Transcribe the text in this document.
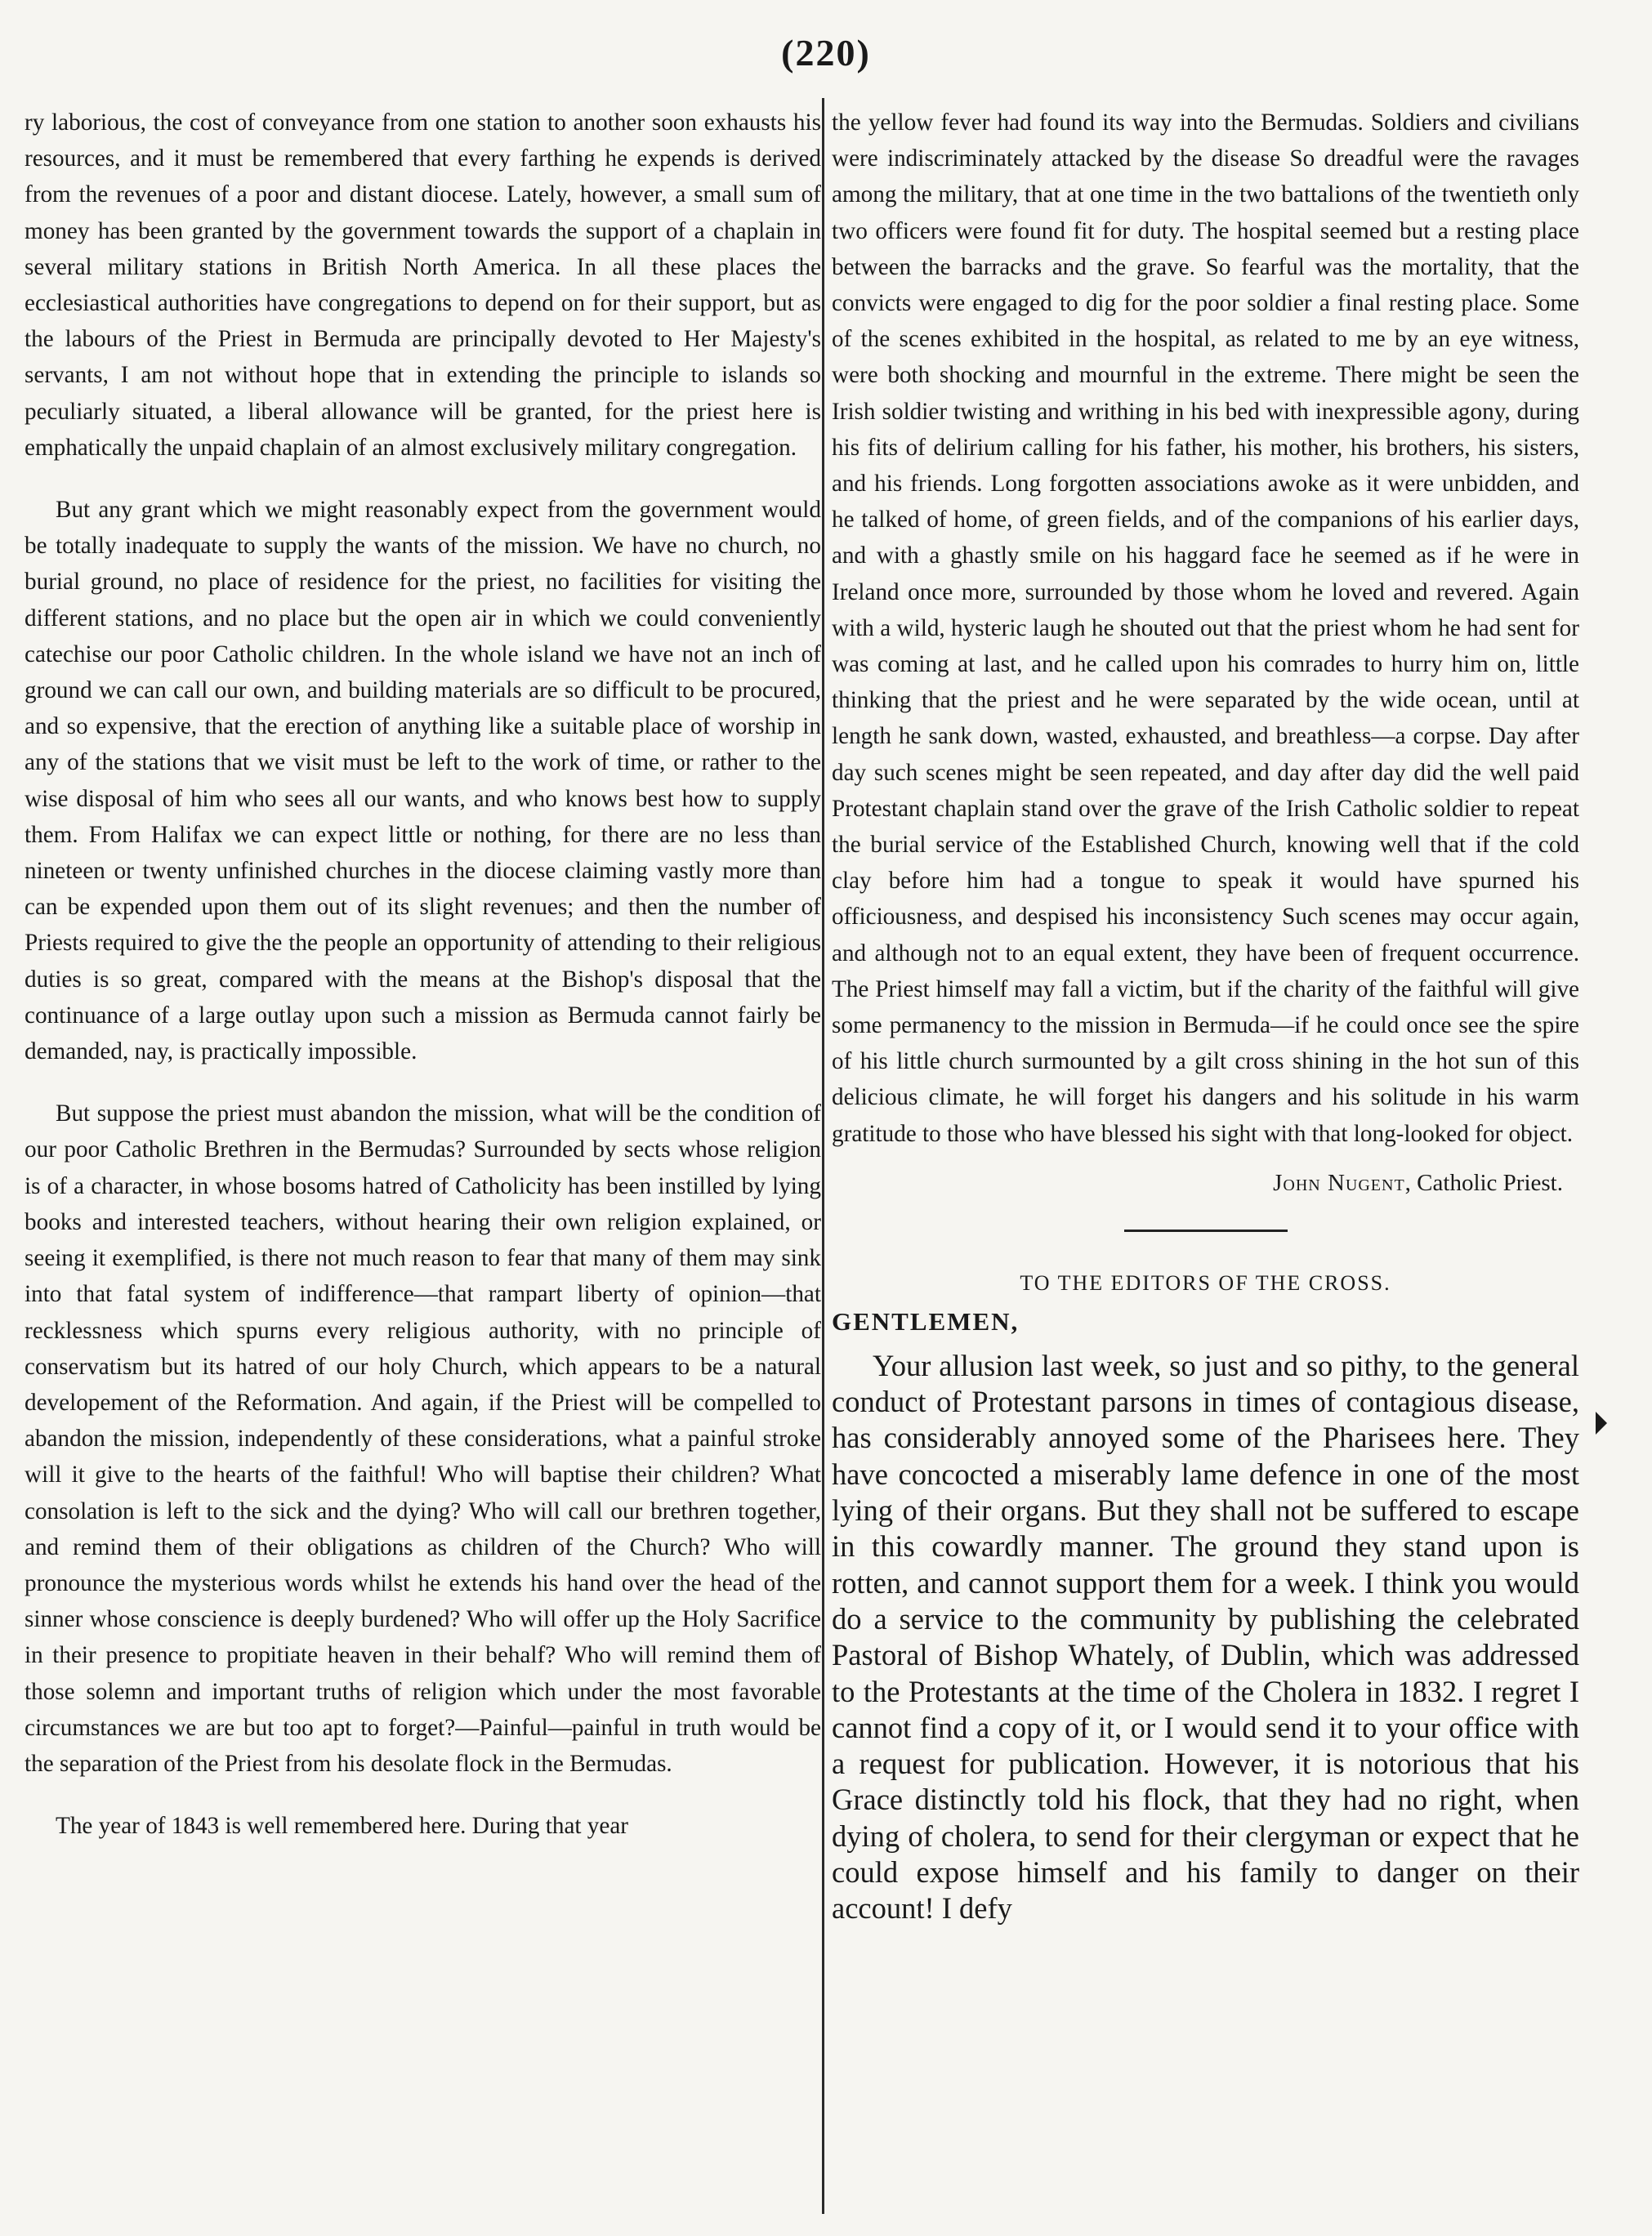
(220)

ry laborious, the cost of conveyance from one station to another soon exhausts his resources, and it must be remembered that every farthing he expends is derived from the revenues of a poor and distant diocese. Lately, however, a small sum of money has been granted by the government towards the support of a chaplain in several military stations in British North America. In all these places the ecclesiastical authorities have congregations to depend on for their support, but as the labours of the Priest in Bermuda are principally devoted to Her Majesty's servants, I am not without hope that in extending the principle to islands so peculiarly situated, a liberal allowance will be granted, for the priest here is emphatically the unpaid chaplain of an almost exclusively military congregation.

But any grant which we might reasonably expect from the government would be totally inadequate to supply the wants of the mission. We have no church, no burial ground, no place of residence for the priest, no facilities for visiting the different stations, and no place but the open air in which we could conveniently catechise our poor Catholic children. In the whole island we have not an inch of ground we can call our own, and building materials are so difficult to be procured, and so expensive, that the erection of anything like a suitable place of worship in any of the stations that we visit must be left to the work of time, or rather to the wise disposal of him who sees all our wants, and who knows best how to supply them. From Halifax we can expect little or nothing, for there are no less than nineteen or twenty unfinished churches in the diocese claiming vastly more than can be expended upon them out of its slight revenues; and then the number of Priests required to give the the people an opportunity of attending to their religious duties is so great, compared with the means at the Bishop's disposal that the continuance of a large outlay upon such a mission as Bermuda cannot fairly be demanded, nay, is practically impossible.

But suppose the priest must abandon the mission, what will be the condition of our poor Catholic Brethren in the Bermudas? Surrounded by sects whose religion is of a character, in whose bosoms hatred of Catholicity has been instilled by lying books and interested teachers, without hearing their own religion explained, or seeing it exemplified, is there not much reason to fear that many of them may sink into that fatal system of indifference—that rampart liberty of opinion—that recklessness which spurns every religious authority, with no principle of conservatism but its hatred of our holy Church, which appears to be a natural developement of the Reformation. And again, if the Priest will be compelled to abandon the mission, independently of these considerations, what a painful stroke will it give to the hearts of the faithful! Who will baptise their children? What consolation is left to the sick and the dying? Who will call our brethren together, and remind them of their obligations as children of the Church? Who will pronounce the mysterious words whilst he extends his hand over the head of the sinner whose conscience is deeply burdened? Who will offer up the Holy Sacrifice in their presence to propitiate heaven in their behalf? Who will remind them of those solemn and important truths of religion which under the most favorable circumstances we are but too apt to forget?—Painful—painful in truth would be the separation of the Priest from his desolate flock in the Bermudas.

The year of 1843 is well remembered here. During that year

the yellow fever had found its way into the Bermudas. Soldiers and civilians were indiscriminately attacked by the disease So dreadful were the ravages among the military, that at one time in the two battalions of the twentieth only two officers were found fit for duty. The hospital seemed but a resting place between the barracks and the grave. So fearful was the mortality, that the convicts were engaged to dig for the poor soldier a final resting place. Some of the scenes exhibited in the hospital, as related to me by an eye witness, were both shocking and mournful in the extreme. There might be seen the Irish soldier twisting and writhing in his bed with inexpressible agony, during his fits of delirium calling for his father, his mother, his brothers, his sisters, and his friends. Long forgotten associations awoke as it were unbidden, and he talked of home, of green fields, and of the companions of his earlier days, and with a ghastly smile on his haggard face he seemed as if he were in Ireland once more, surrounded by those whom he loved and revered. Again with a wild, hysteric laugh he shouted out that the priest whom he had sent for was coming at last, and he called upon his comrades to hurry him on, little thinking that the priest and he were separated by the wide ocean, until at length he sank down, wasted, exhausted, and breathless—a corpse. Day after day such scenes might be seen repeated, and day after day did the well paid Protestant chaplain stand over the grave of the Irish Catholic soldier to repeat the burial service of the Established Church, knowing well that if the cold clay before him had a tongue to speak it would have spurned his officiousness, and despised his inconsistency Such scenes may occur again, and although not to an equal extent, they have been of frequent occurrence. The Priest himself may fall a victim, but if the charity of the faithful will give some permanency to the mission in Bermuda—if he could once see the spire of his little church surmounted by a gilt cross shining in the hot sun of this delicious climate, he will forget his dangers and his solitude in his warm gratitude to those who have blessed his sight with that long-looked for object.

John Nugent, Catholic Priest.
TO THE EDITORS OF THE CROSS.
GENTLEMEN,

Your allusion last week, so just and so pithy, to the general conduct of Protestant parsons in times of contagious disease, has considerably annoyed some of the Pharisees here. They have concocted a miserably lame defence in one of the most lying of their organs. But they shall not be suffered to escape in this cowardly manner. The ground they stand upon is rotten, and cannot support them for a week. I think you would do a service to the community by publishing the celebrated Pastoral of Bishop Whately, of Dublin, which was addressed to the Protestants at the time of the Cholera in 1832. I regret I cannot find a copy of it, or I would send it to your office with a request for publication. However, it is notorious that his Grace distinctly told his flock, that they had no right, when dying of cholera, to send for their clergyman or expect that he could expose himself and his family to danger on their account! I defy
